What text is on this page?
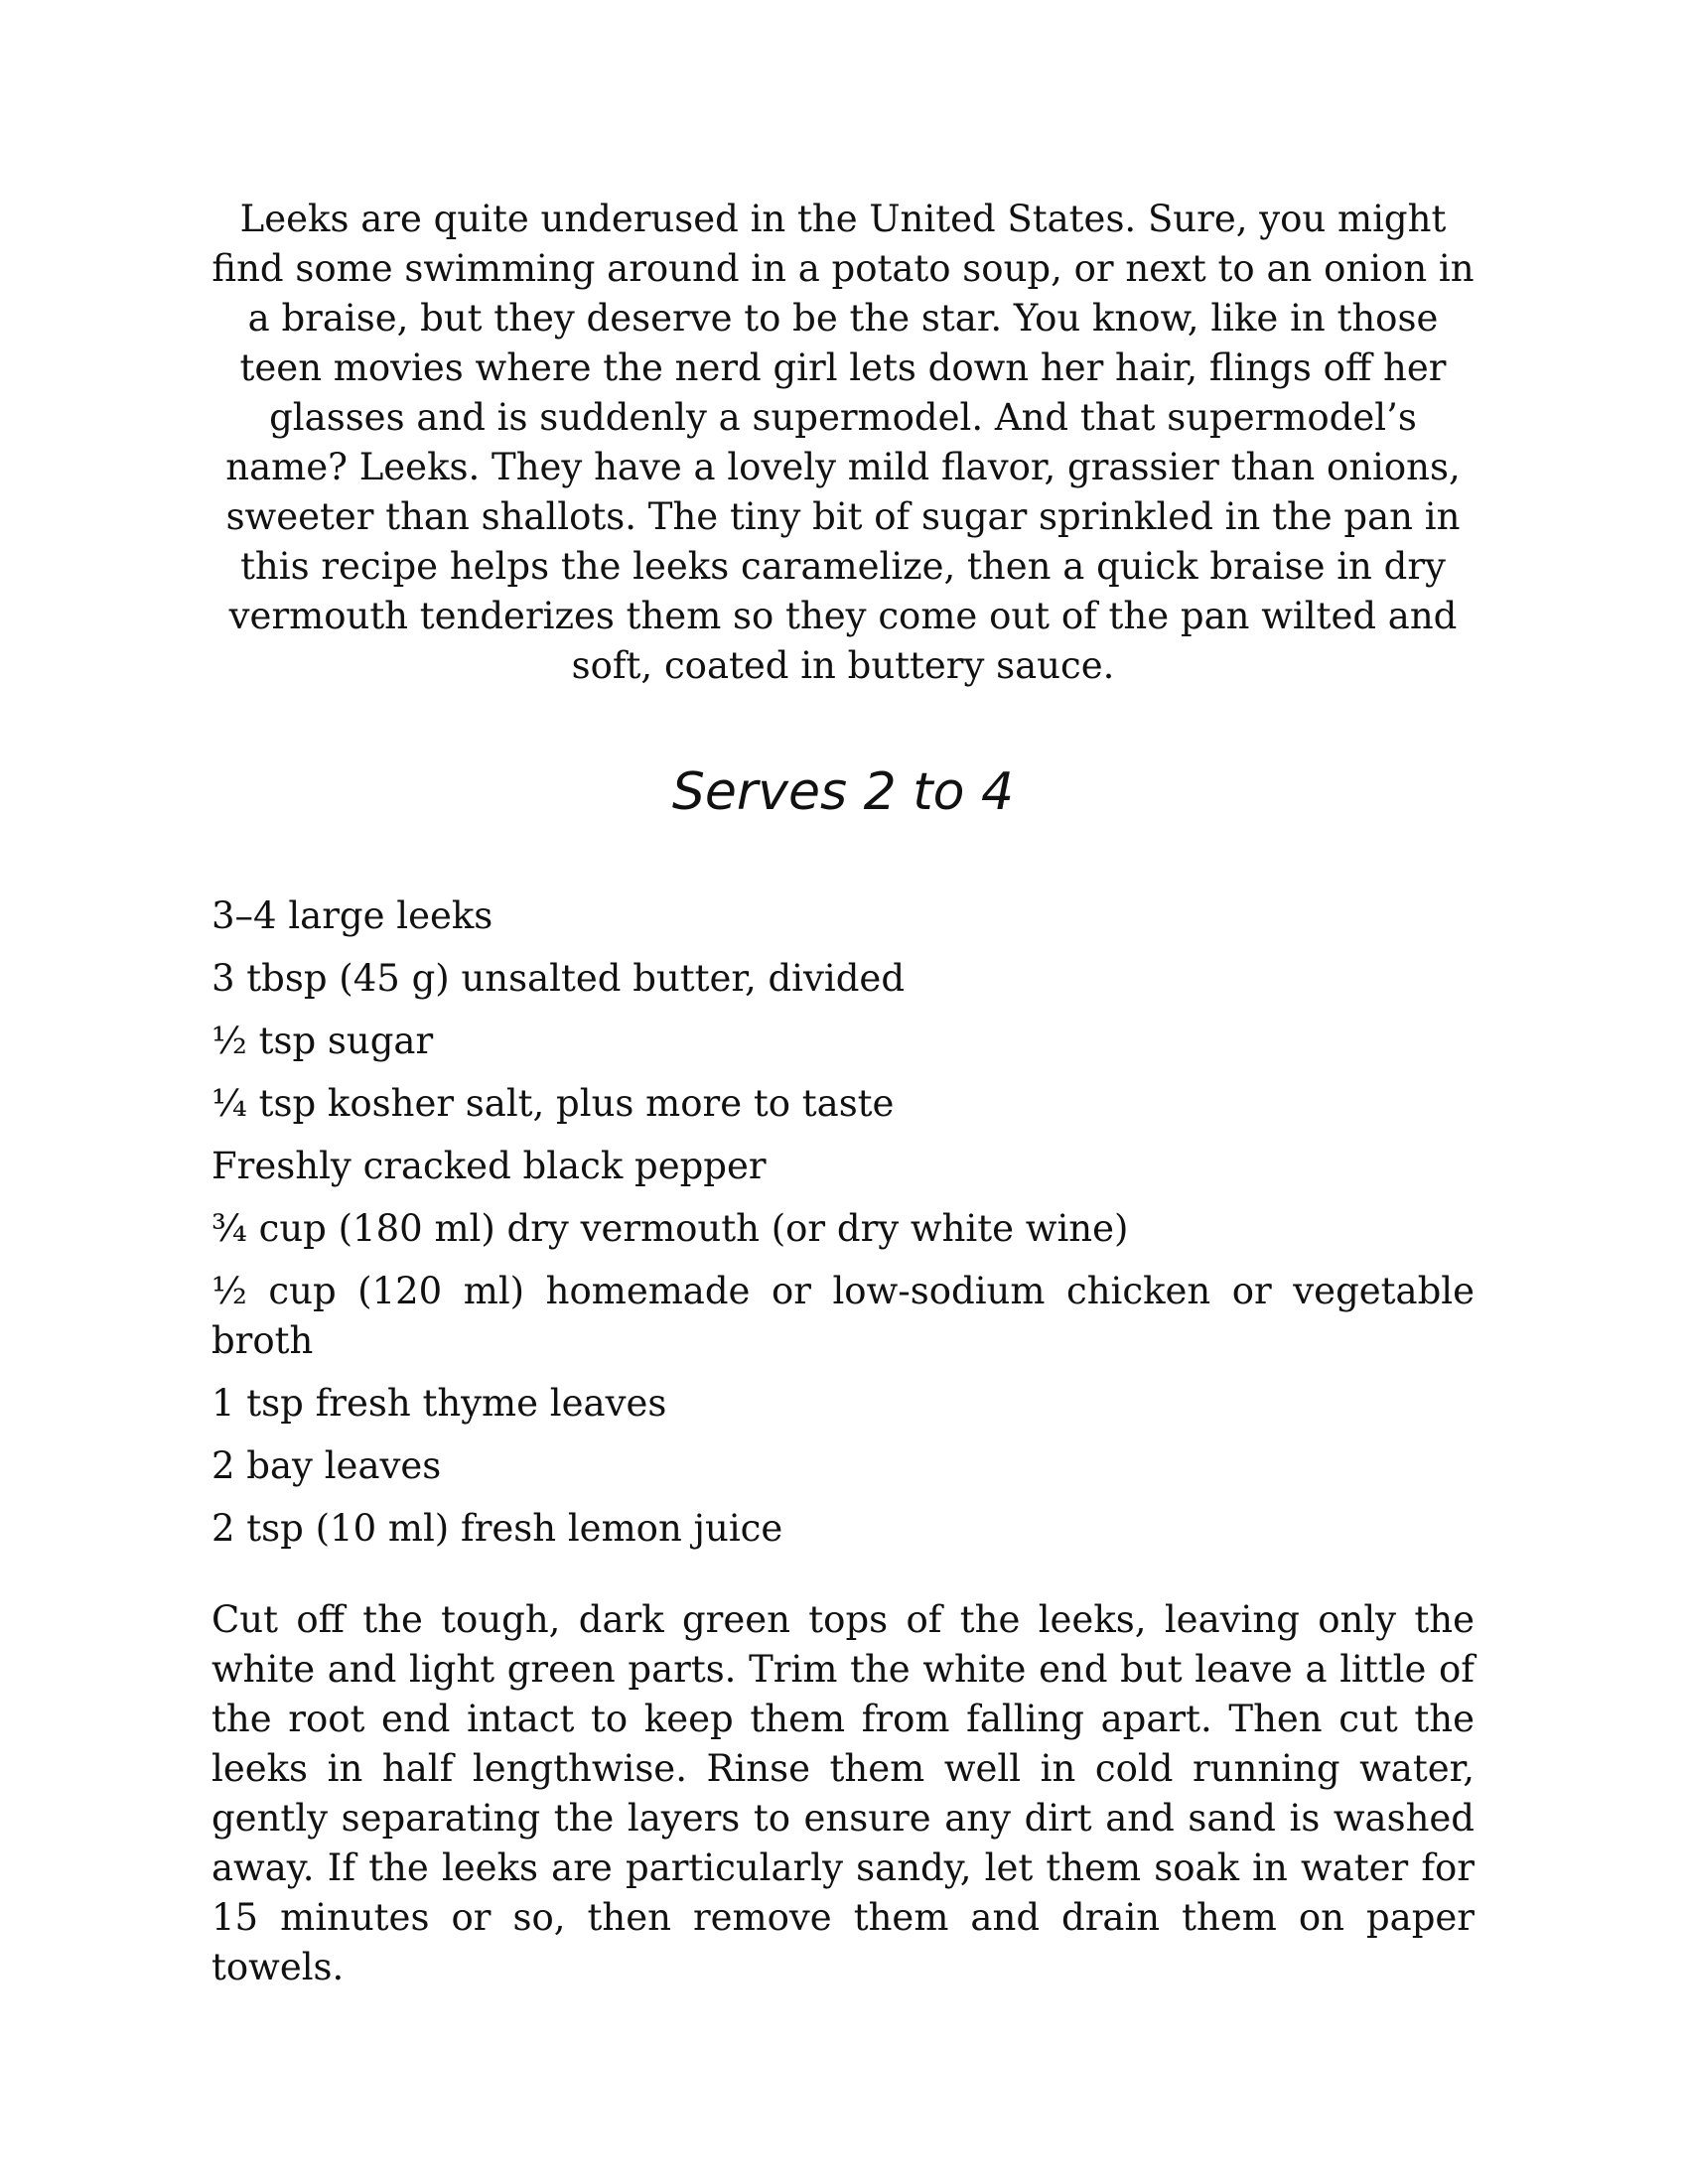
Leeks are quite underused in the United States. Sure, you might find some swimming around in a potato soup, or next to an onion in a braise, but they deserve to be the star. You know, like in those teen movies where the nerd girl lets down her hair, flings off her glasses and is suddenly a supermodel. And that supermodel’s name? Leeks. They have a lovely mild flavor, grassier than onions, sweeter than shallots. The tiny bit of sugar sprinkled in the pan in this recipe helps the leeks caramelize, then a quick braise in dry vermouth tenderizes them so they come out of the pan wilted and soft, coated in buttery sauce.

Serves 2 to 4
3–4 large leeks
3 tbsp (45 g) unsalted butter, divided
½ tsp sugar
¼ tsp kosher salt, plus more to taste
Freshly cracked black pepper
¾ cup (180 ml) dry vermouth (or dry white wine)
½ cup (120 ml) homemade or low-sodium chicken or vegetable broth
1 tsp fresh thyme leaves
2 bay leaves
2 tsp (10 ml) fresh lemon juice

Cut off the tough, dark green tops of the leeks, leaving only the white and light green parts. Trim the white end but leave a little of the root end intact to keep them from falling apart. Then cut the leeks in half lengthwise. Rinse them well in cold running water, gently separating the layers to ensure any dirt and sand is washed away. If the leeks are particularly sandy, let them soak in water for 15 minutes or so, then remove them and drain them on paper towels.
